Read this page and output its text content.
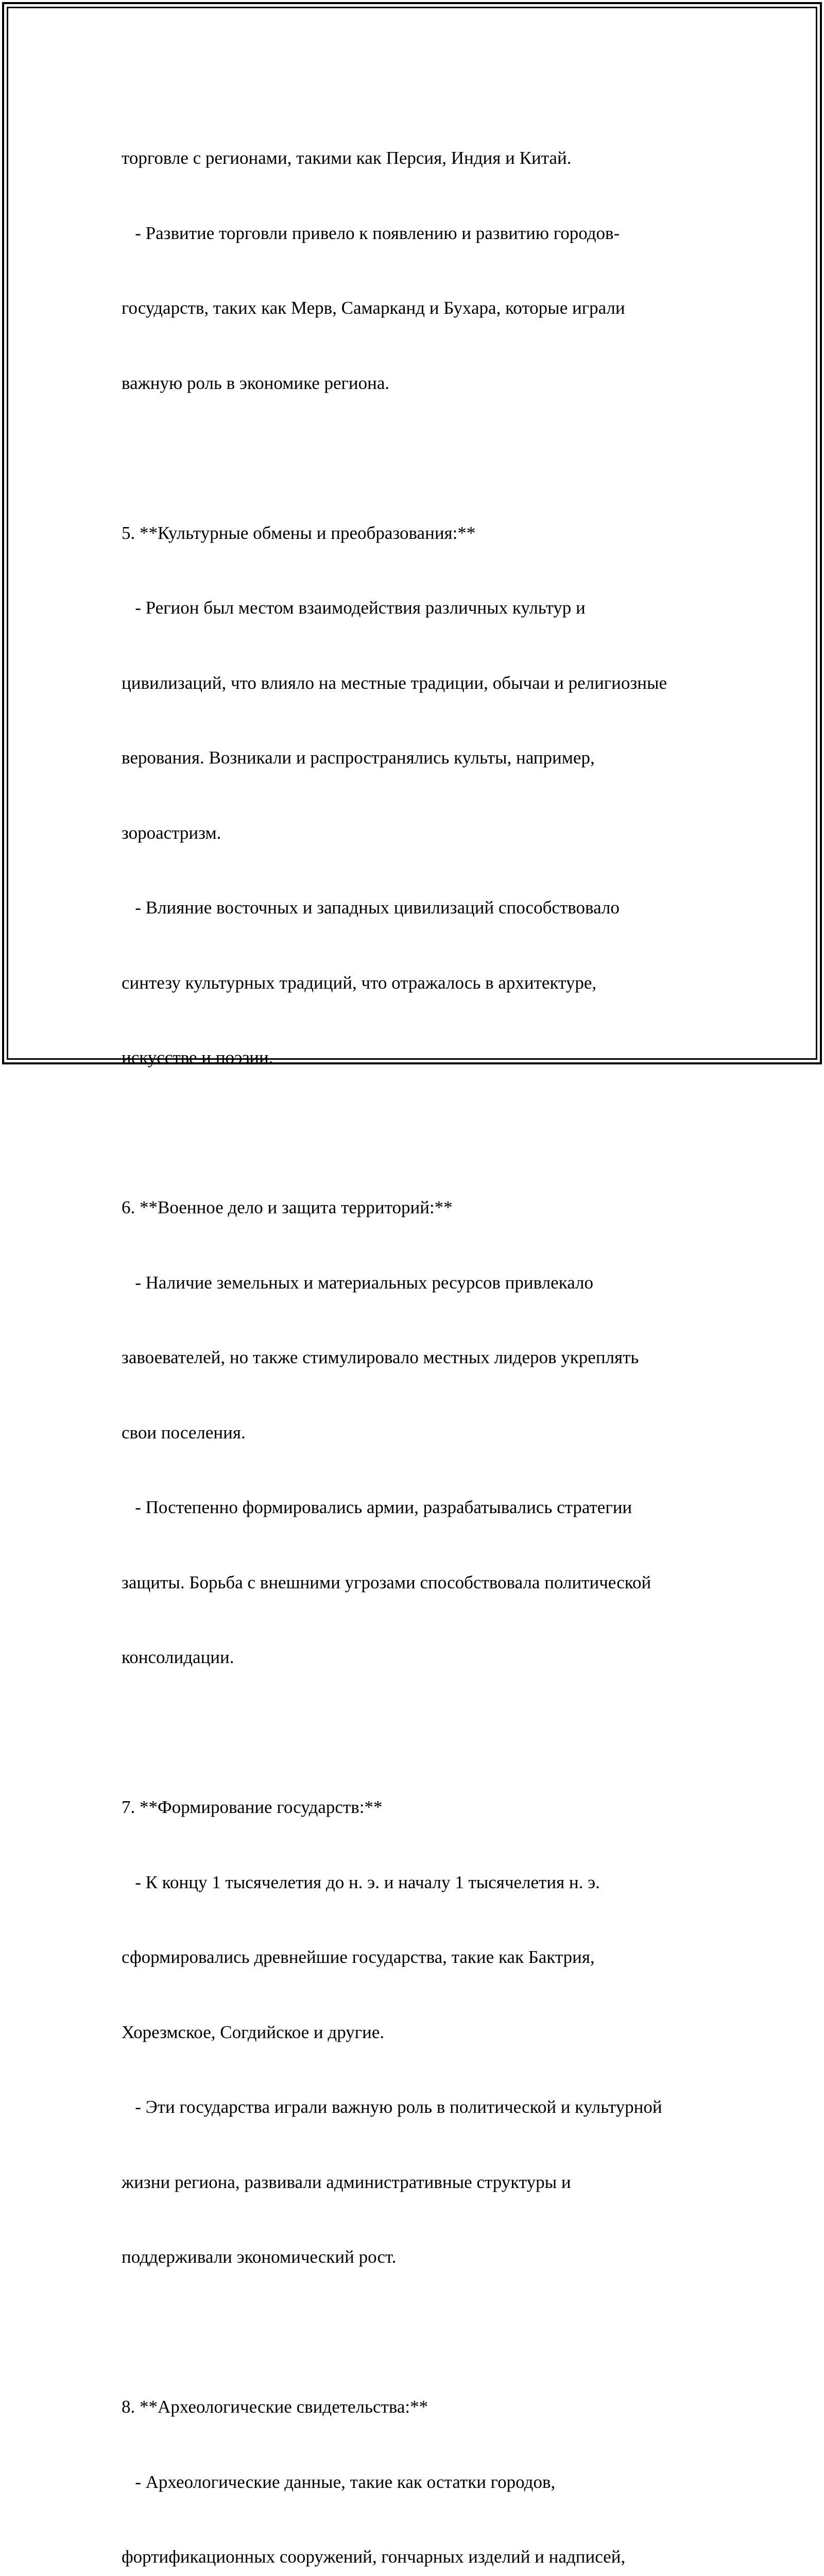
торговле с регионами, такими как Персия, Индия и Китай.

- Развитие торговли привело к появлению и развитию городов-

государств, таких как Мерв, Самарканд и Бухара, которые играли

важную роль в экономике региона.

5. **Культурные обмены и преобразования:**

- Регион был местом взаимодействия различных культур и

цивилизаций, что влияло на местные традиции, обычаи и религиозные

верования. Возникали и распространялись культы, например,

зороастризм.

- Влияние восточных и западных цивилизаций способствовало

синтезу культурных традиций, что отражалось в архитектуре,

искусстве и поэзии.

6. **Военное дело и защита территорий:**

- Наличие земельных и материальных ресурсов привлекало

завоевателей, но также стимулировало местных лидеров укреплять

свои поселения.

- Постепенно формировались армии, разрабатывались стратегии

защиты. Борьба с внешними угрозами способствовала политической

консолидации.

7. **Формирование государств:**

- К концу 1 тысячелетия до н. э. и началу 1 тысячелетия н. э.

сформировались древнейшие государства, такие как Бактрия,

Хорезмское, Согдийское и другие.

- Эти государства играли важную роль в политической и культурной

жизни региона, развивали административные структуры и

поддерживали экономический рост.

8. **Археологические свидетельства:**

- Археологические данные, такие как остатки городов,

фортификационных сооружений, гончарных изделий и надписей,
